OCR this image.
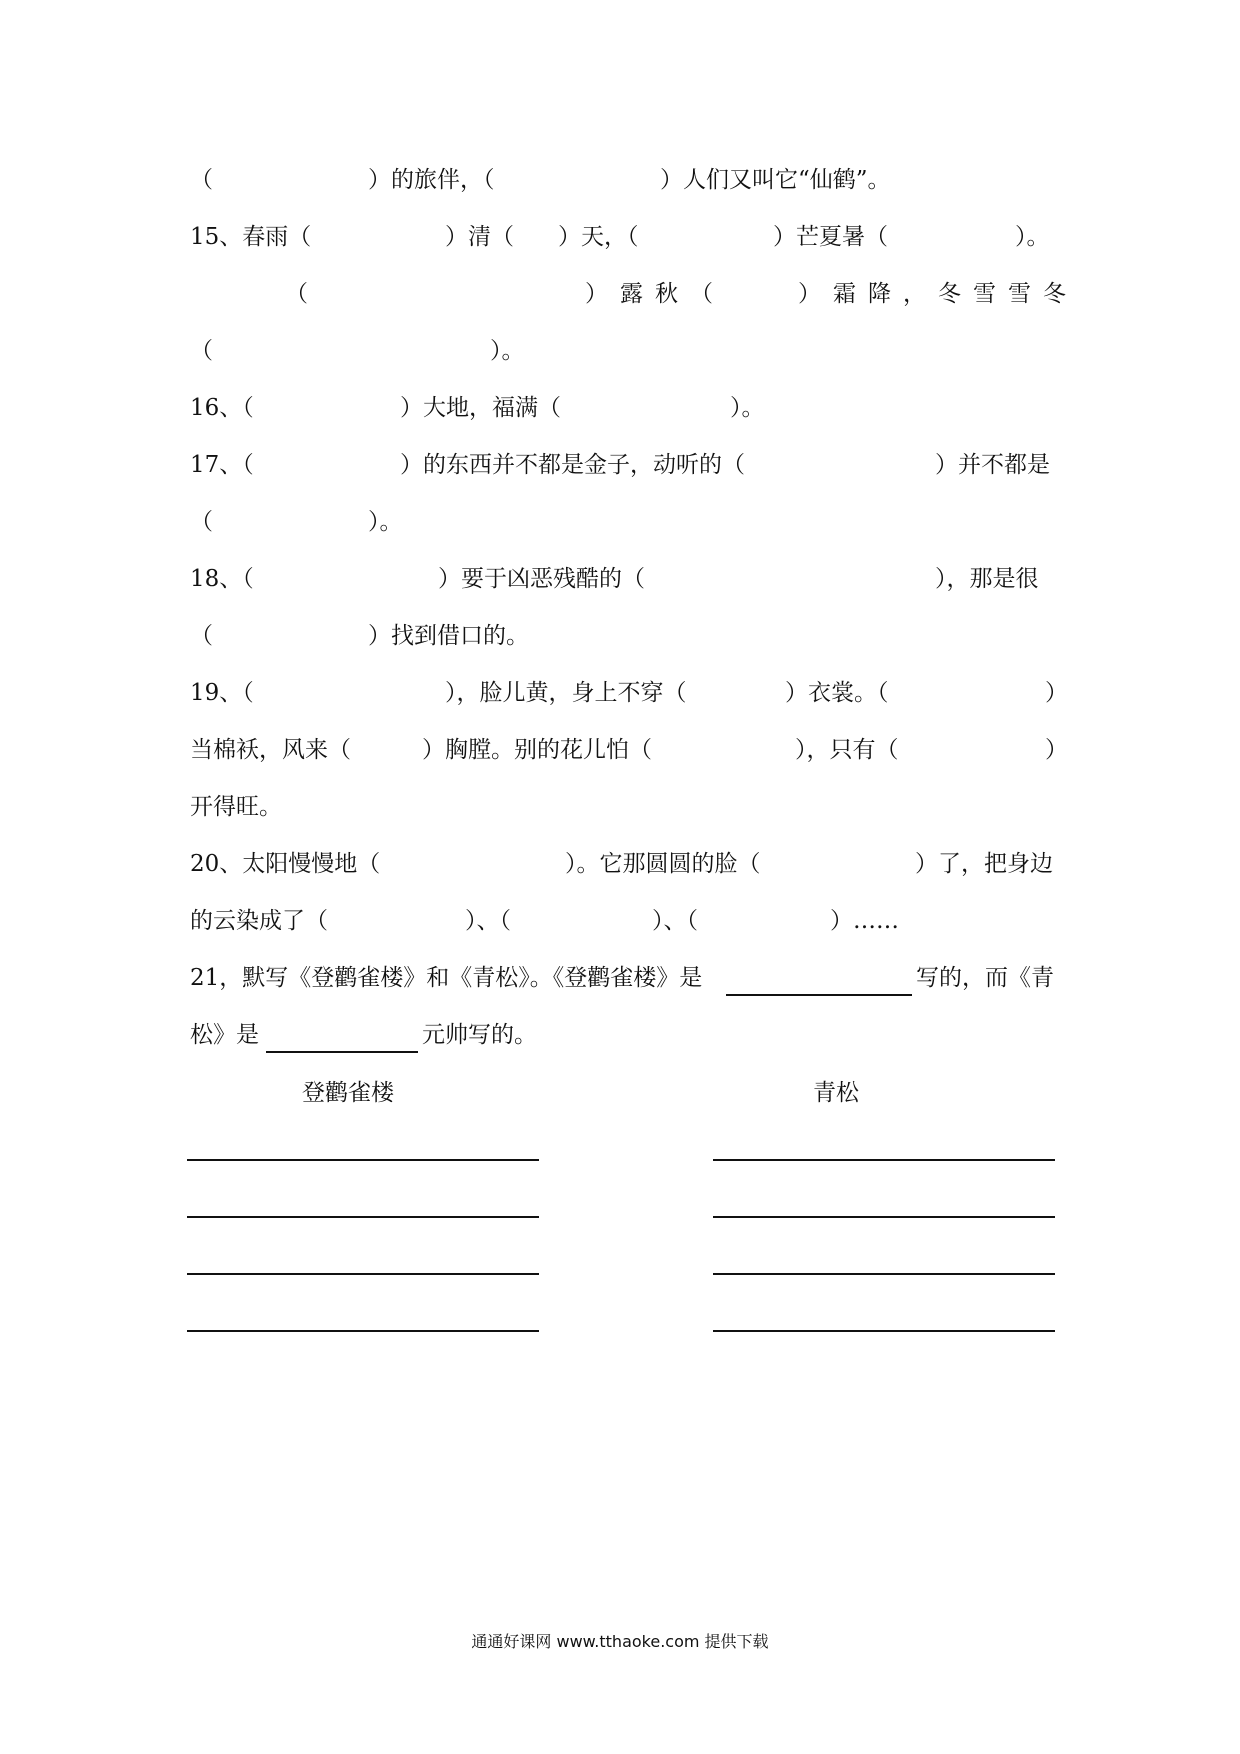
（	）的旅伴，（	）人们又叫它“仙鹤”。
15、春雨（	）清（ ）天，（	）芒夏暑（	）。
（	）露秋（	）霜降，冬雪雪冬
（	）。
16、（	）大地，福满（	）。
17、（	）的东西并不都是金子，动听的（	）并不都是
（	）。
18、（	）要于凶恶残酷的（	），那是很
（	）找到借口的。
19、（	），脸儿黄，身上不穿（	）衣裳。（	）
当棉袄，风来（	）胸膛。别的花儿怕（	），只有（	）
开得旺。
20、太阳慢慢地（	）。它那圆圆的脸（	）了，把身边
的云染成了（	）、（	）、（	）……
21，默写《登鹳雀楼》和《青松》。《登鹳雀楼》是	写的，而《青
松》是	元帅写的。
登鹳雀楼	青松
通通好课网 www.tthaoke.com 提供下载
